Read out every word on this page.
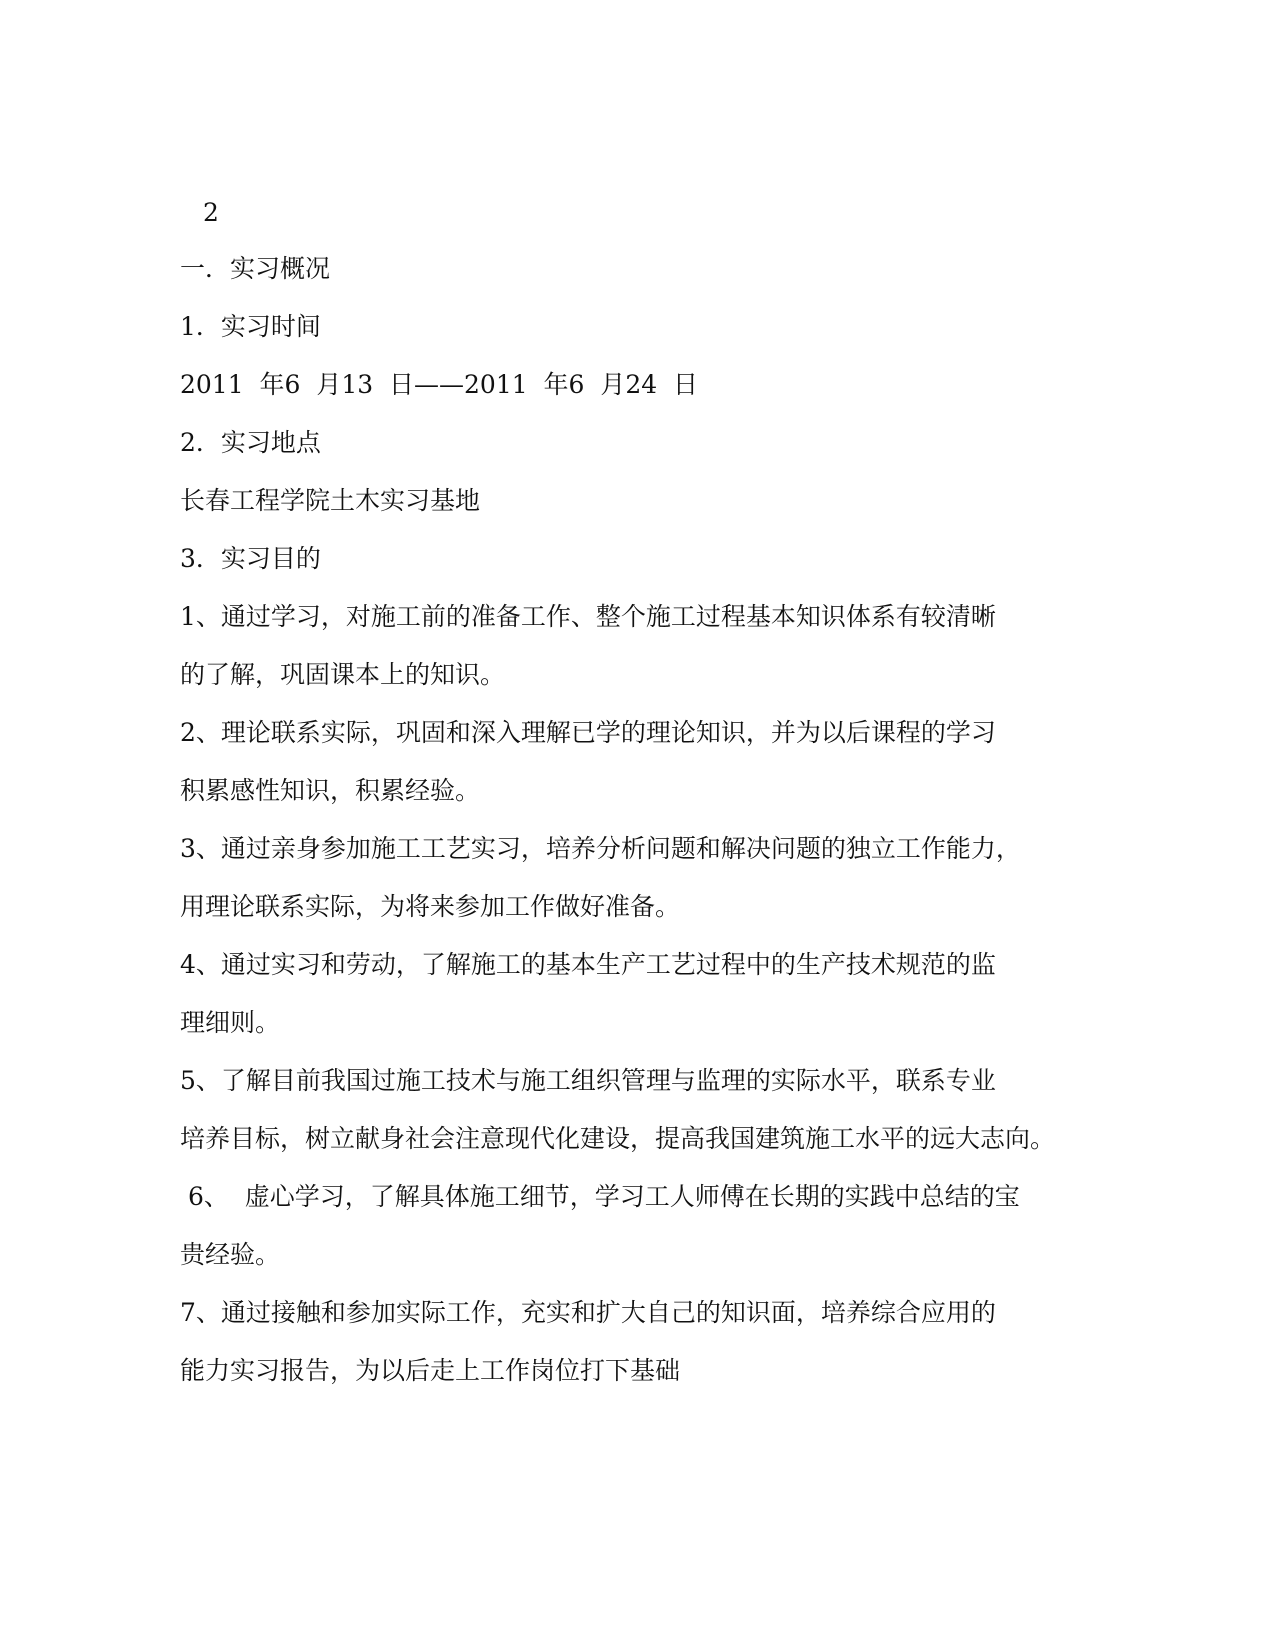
2
一．实习概况
1．实习时间
2011  年6  月13  日——2011  年6  月24  日
2．实习地点
长春工程学院土木实习基地
3．实习目的
1、通过学习，对施工前的准备工作、整个施工过程基本知识体系有较清晰
的了解，巩固课本上的知识。
2、理论联系实际，巩固和深入理解已学的理论知识，并为以后课程的学习
积累感性知识，积累经验。
3、通过亲身参加施工工艺实习，培养分析问题和解决问题的独立工作能力，
用理论联系实际，为将来参加工作做好准备。
4、通过实习和劳动，了解施工的基本生产工艺过程中的生产技术规范的监
理细则。
5、了解目前我国过施工技术与施工组织管理与监理的实际水平，联系专业
培养目标，树立献身社会注意现代化建设，提高我国建筑施工水平的远大志向。
6、  虚心学习，了解具体施工细节，学习工人师傅在长期的实践中总结的宝
贵经验。
7、通过接触和参加实际工作，充实和扩大自己的知识面，培养综合应用的
能力实习报告，为以后走上工作岗位打下基础
